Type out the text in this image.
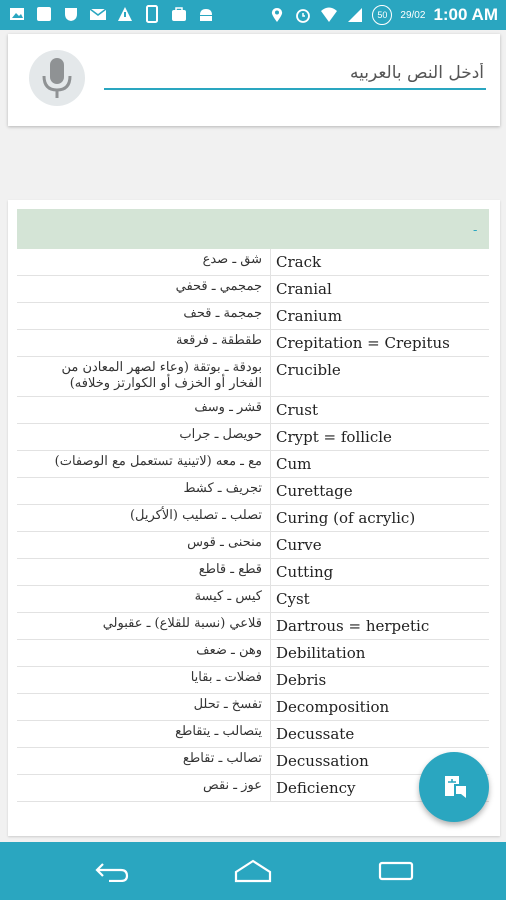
50	29/02 1:00 AM
أدخل النص بالعربيه
-
شق ـ صدع Crack
جمجمي ـ قحفي Cranial
جمجمة ـ قحف Cranium
طقطقة ـ فرقعة Crepitation = Crepitus
بودقة ـ بوتقة (وعاء لصهر المعادن من الفخار أو الخزف أو الكوارتز وخلافه)
Crucible
قشر ـ وسف Crust
حويصل ـ جراب Crypt = follicle
مع ـ معه (لاتينية تستعمل مع الوصفات) Cum
تجريف ـ كشط Curettage
تصلب ـ تصليب (الأكريل) Curing (of acrylic)
منحنى ـ قوس Curve
قطع ـ قاطع Cutting
كيس ـ كيسة Cyst
قلاعي (نسبة للقلاع) ـ عقبولي Dartrous = herpetic
وهن ـ ضعف Debilitation
فضلات ـ بقايا Debris
تفسخ ـ تحلل Decomposition
يتصالب ـ يتقاطع Decussate
تصالب ـ تقاطع Decussation
عوز ـ نقص Deficiency
